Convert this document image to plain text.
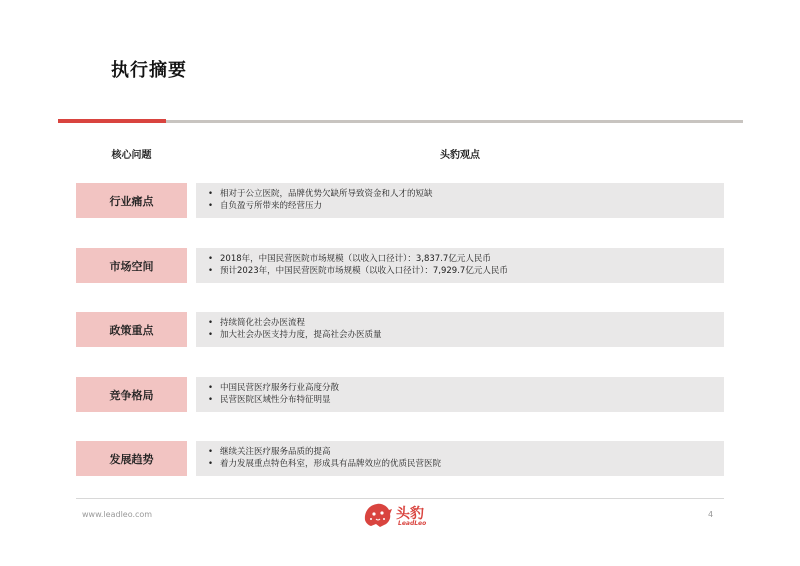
执行摘要
核心问题	头豹观点
行业痛点
• 相对于公立医院，品牌优势欠缺所导致资金和人才的短缺
• 自负盈亏所带来的经营压力
市场空间
• 2018年，中国民营医院市场规模（以收入口径计）：3,837.7亿元人民币
• 预计2023年，中国民营医院市场规模（以收入口径计）：7,929.7亿元人民币
政策重点
• 持续简化社会办医流程
• 加大社会办医支持力度，提高社会办医质量
竞争格局
• 中国民营医疗服务行业高度分散
• 民营医院区域性分布特征明显
发展趋势
• 继续关注医疗服务品质的提高
• 着力发展重点特色科室，形成具有品牌效应的优质民营医院
www.leadleo.com	4
头豹
LeadLeo
